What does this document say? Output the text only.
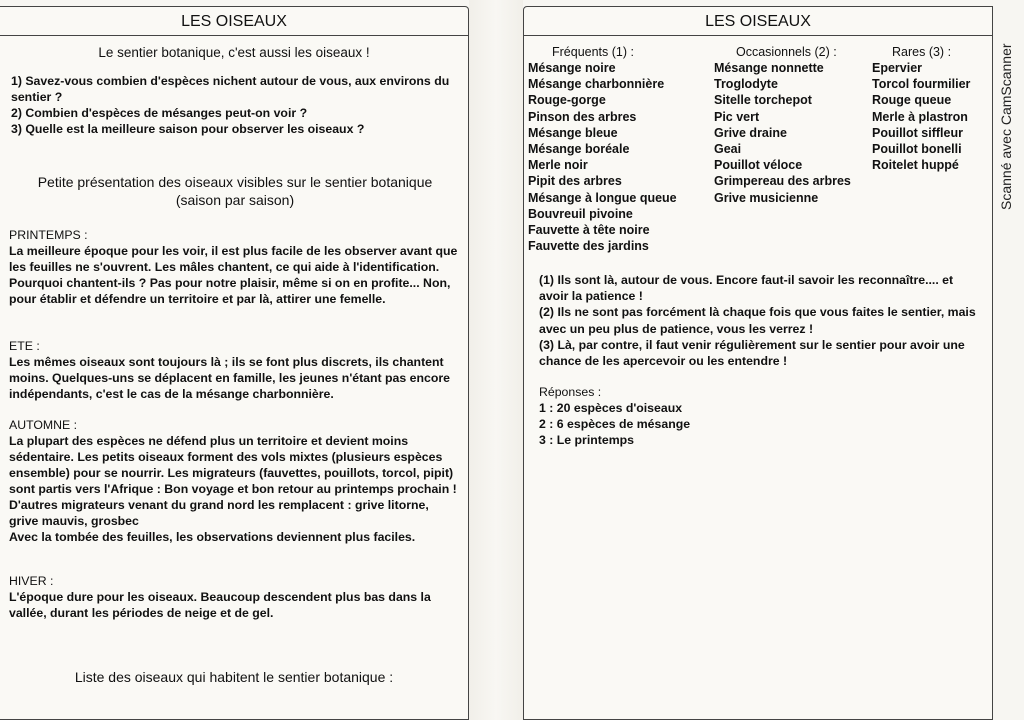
LES OISEAUX
Le sentier botanique, c'est aussi les oiseaux !
1) Savez-vous combien d'espèces nichent autour de vous, aux environs du sentier ?
2) Combien d'espèces de mésanges peut-on voir ?
3) Quelle est la meilleure saison pour observer les oiseaux ?
Petite présentation des oiseaux visibles sur le sentier botanique (saison par saison)
PRINTEMPS :
La meilleure époque pour les voir, il est plus facile de les observer avant que les feuilles ne s'ouvrent. Les mâles chantent, ce qui aide à l'identification. Pourquoi chantent-ils ? Pas pour notre plaisir, même si on en profite... Non, pour établir et défendre un territoire et par là, attirer une femelle.
ETE :
Les mêmes oiseaux sont toujours là ; ils se font plus discrets, ils chantent moins. Quelques-uns se déplacent en famille, les jeunes n'étant pas encore indépendants, c'est le cas de la mésange charbonnière.
AUTOMNE :
La plupart des espèces ne défend plus un territoire et devient moins sédentaire. Les petits oiseaux forment des vols mixtes (plusieurs espèces ensemble) pour se nourrir. Les migrateurs (fauvettes, pouillots, torcol, pipit) sont partis vers l'Afrique : Bon voyage et bon retour au printemps prochain !
D'autres migrateurs venant du grand nord les remplacent : grive litorne, grive mauvis, grosbec
Avec la tombée des feuilles, les observations deviennent plus faciles.
HIVER :
L'époque dure pour les oiseaux. Beaucoup descendent plus bas dans la vallée, durant les périodes de neige et de gel.
Liste des oiseaux qui habitent le sentier botanique :
LES OISEAUX
Fréquents (1) :
Mésange noire
Mésange charbonnière
Rouge-gorge
Pinson des arbres
Mésange bleue
Mésange boréale
Merle noir
Pipit des arbres
Mésange à longue queue
Bouvreuil pivoine
Fauvette à tête noire
Fauvette des jardins
Occasionnels (2) :
Mésange nonnette
Troglodyte
Sitelle torchepot
Pic vert
Grive draine
Geai
Pouillot véloce
Grimpereau des arbres
Grive musicienne
Rares (3) :
Epervier
Torcol fourmilier
Rouge queue
Merle à plastron
Pouillot siffleur
Pouillot bonelli
Roitelet huppé
(1) Ils sont là, autour de vous. Encore faut-il savoir les reconnaître.... et avoir la patience !
(2) Ils ne sont pas forcément là chaque fois que vous faites le sentier, mais avec un peu plus de patience, vous les verrez !
(3) Là, par contre, il faut venir régulièrement sur le sentier pour avoir une chance de les apercevoir ou les entendre !
Réponses :
1 : 20 espèces d'oiseaux
2 : 6 espèces de mésange
3 : Le printemps
Scanné avec CamScanner
